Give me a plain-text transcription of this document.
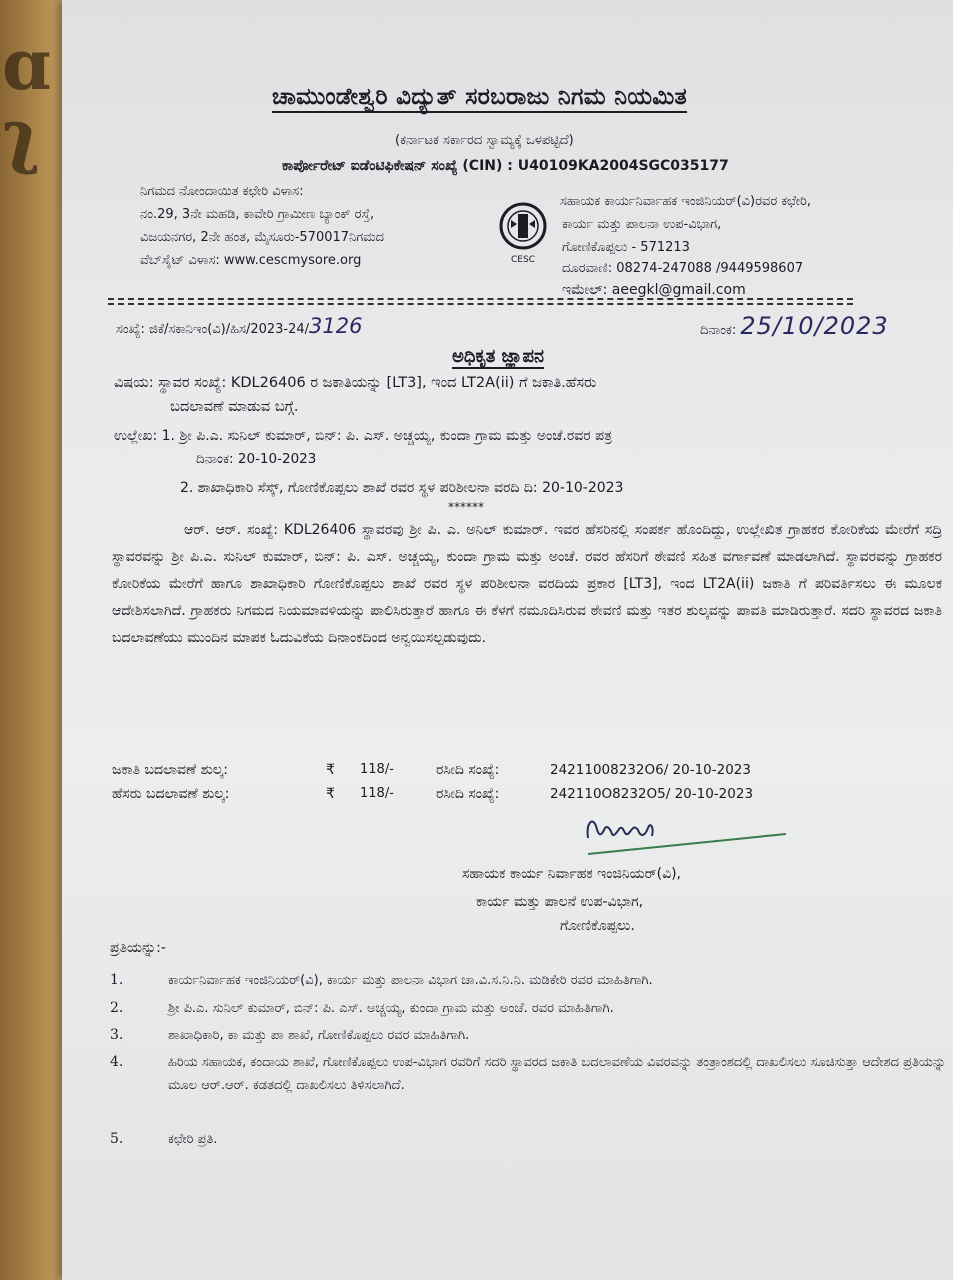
ɑ
ʅ	ಚಾಮುಂಡೇಶ್ವರಿ ವಿದ್ಯುತ್ ಸರಬರಾಜು ನಿಗಮ ನಿಯಮಿತ
(ಕರ್ನಾಟಕ ಸರ್ಕಾರದ ಸ್ವಾಮ್ಯಕ್ಕೆ ಒಳಪಟ್ಟಿದೆ)
ಕಾರ್ಪೋರೇಟ್ ಐಡೆಂಟಿಫಿಕೇಷನ್ ಸಂಖ್ಯೆ (CIN) : U40109KA2004SGC035177
ನಿಗಮದ ನೋಂದಾಯಿತ ಕಛೇರಿ ವಿಳಾಸ:
ನಂ.29, 3ನೇ ಮಹಡಿ, ಕಾವೇರಿ ಗ್ರಾಮೀಣ ಬ್ಯಾಂಕ್ ರಸ್ತೆ,
ವಿಜಯನಗರ, 2ನೇ ಹಂತ, ಮೈಸೂರು-570017ನಿಗಮದ
ವೆಬ್‌ಸೈಟ್ ವಿಳಾಸ: www.cescmysore.org	CESC
ಸಹಾಯಕ ಕಾರ್ಯನಿರ್ವಾಹಕ ಇಂಜಿನಿಯರ್(ವಿ)ರವರ ಕಛೇರಿ,
ಕಾರ್ಯ ಮತ್ತು ಪಾಲನಾ ಉಪ-ವಿಭಾಗ,
ಗೋಣಿಕೊಪ್ಪಲು - 571213
ದೂರವಾಣಿ: 08274-247088 /9449598607
ಇಮೇಲ್: aeegkl@gmail.com
ಸಂಖ್ಯೆ: ಜಿಕೆ/ಸಕಾನಿಇಂ(ವಿ)/ಹಿಸ/2023-24/3126	ದಿನಾಂಕ: 25/10/2023
ಅಧಿಕೃತ ಜ್ಞಾಪನ
ವಿಷಯ: ಸ್ಥಾವರ ಸಂಖ್ಯೆ: KDL26406 ರ ಜಕಾತಿಯನ್ನು [LT3], ಇಂದ LT2A(ii) ಗೆ ಜಕಾತಿ.ಹೆಸರು
ಬದಲಾವಣೆ ಮಾಡುವ ಬಗ್ಗೆ.
ಉಲ್ಲೇಖ: 1. ಶ್ರೀ ಪಿ.ಎ. ಸುನಿಲ್ ಕುಮಾರ್, ಬಿನ್: ಪಿ. ಎಸ್. ಅಚ್ಚಯ್ಯ, ಕುಂದಾ ಗ್ರಾಮ ಮತ್ತು ಅಂಚೆ.ರವರ ಪತ್ರ
ದಿನಾಂಕ: 20-10-2023
2. ಶಾಖಾಧಿಕಾರಿ ಸೆಸ್ಕ್, ಗೋಣಿಕೊಪ್ಪಲು ಶಾಖೆ ರವರ ಸ್ಥಳ ಪರಿಶೀಲನಾ ವರದಿ ದಿ: 20-10-2023
******
ಆರ್. ಆರ್. ಸಂಖ್ಯೆ: KDL26406 ಸ್ಥಾವರವು ಶ್ರೀ ಪಿ. ಎ. ಅನಿಲ್ ಕುಮಾರ್. ಇವರ ಹೆಸರಿನಲ್ಲಿ ಸಂಪರ್ಕ ಹೊಂದಿದ್ದು, ಉಲ್ಲೇಖಿತ ಗ್ರಾಹಕರ ಕೋರಿಕೆಯ ಮೇರೆಗೆ ಸದ್ರಿ ಸ್ಥಾವರವನ್ನು ಶ್ರೀ ಪಿ.ಎ. ಸುನಿಲ್ ಕುಮಾರ್, ಬಿನ್: ಪಿ. ಎಸ್. ಅಚ್ಚಯ್ಯ, ಕುಂದಾ ಗ್ರಾಮ ಮತ್ತು ಅಂಚೆ. ರವರ ಹೆಸರಿಗೆ ಠೇವಣಿ ಸಹಿತ ವರ್ಗಾವಣೆ ಮಾಡಲಾಗಿದೆ. ಸ್ಥಾವರವನ್ನು ಗ್ರಾಹಕರ ಕೋರಿಕೆಯ ಮೇರೆಗೆ ಹಾಗೂ ಶಾಖಾಧಿಕಾರಿ ಗೋಣಿಕೊಪ್ಪಲು ಶಾಖೆ ರವರ ಸ್ಥಳ ಪರಿಶೀಲನಾ ವರದಿಯ ಪ್ರಕಾರ [LT3], ಇಂದ LT2A(ii) ಜಕಾತಿ ಗೆ ಪರಿವರ್ತಿಸಲು ಈ ಮೂಲಕ ಆದೇಶಿಸಲಾಗಿದೆ. ಗ್ರಾಹಕರು ನಿಗಮದ ನಿಯಮಾವಳಿಯನ್ನು ಪಾಲಿಸಿರುತ್ತಾರೆ ಹಾಗೂ ಈ ಕೆಳಗೆ ನಮೂದಿಸಿರುವ ಠೇವಣಿ ಮತ್ತು ಇತರ ಶುಲ್ಕವನ್ನು ಪಾವತಿ ಮಾಡಿರುತ್ತಾರೆ. ಸದರಿ ಸ್ಥಾವರದ ಜಕಾತಿ ಬದಲಾವಣೆಯು ಮುಂದಿನ ಮಾಪಕ ಓದುವಿಕೆಯ ದಿನಾಂಕದಿಂದ ಅನ್ವಯಿಸಲ್ಪಡುವುದು.
ಜಕಾತಿ ಬದಲಾವಣೆ ಶುಲ್ಕ:	₹ 118/-	ರಸೀದಿ ಸಂಖ್ಯೆ:	24211008232O6/ 20-10-2023
ಹೆಸರು ಬದಲಾವಣೆ ಶುಲ್ಕ:	₹ 118/-	ರಸೀದಿ ಸಂಖ್ಯೆ:	242110O8232O5/ 20-10-2023
ಸಹಾಯಕ ಕಾರ್ಯ ನಿರ್ವಾಹಕ ಇಂಜಿನಿಯರ್(ವಿ),
ಕಾರ್ಯ ಮತ್ತು ಪಾಲನೆ ಉಪ-ವಿಭಾಗ,
ಗೋಣಿಕೊಪ್ಪಲು.
ಪ್ರತಿಯನ್ನು:-
1.	ಕಾರ್ಯನಿರ್ವಾಹಕ ಇಂಜಿನಿಯರ್(ವಿ), ಕಾರ್ಯ ಮತ್ತು ಪಾಲನಾ ವಿಭಾಗ ಚಾ.ವಿ.ಸ.ನಿ.ನಿ. ಮಡಿಕೇರಿ ರವರ ಮಾಹಿತಿಗಾಗಿ.
2.	ಶ್ರೀ ಪಿ.ಎ. ಸುನಿಲ್ ಕುಮಾರ್, ಬಿನ್: ಪಿ. ಎಸ್. ಅಚ್ಚಯ್ಯ, ಕುಂದಾ ಗ್ರಾಮ ಮತ್ತು ಅಂಚೆ. ರವರ ಮಾಹಿತಿಗಾಗಿ.
3.	ಶಾಖಾಧಿಕಾರಿ, ಕಾ ಮತ್ತು ಪಾ ಶಾಖೆ, ಗೋಣಿಕೊಪ್ಪಲು ರವರ ಮಾಹಿತಿಗಾಗಿ.
4.	ಹಿರಿಯ ಸಹಾಯಕ, ಕಂದಾಯ ಶಾಖೆ, ಗೋಣಿಕೊಪ್ಪಲು ಉಪ-ವಿಭಾಗ ರವರಿಗೆ ಸದರಿ ಸ್ಥಾವರದ ಜಕಾತಿ ಬದಲಾವಣೆಯ ವಿವರವನ್ನು ತಂತ್ರಾಂಶದಲ್ಲಿ ದಾಖಲಿಸಲು ಸೂಚಿಸುತ್ತಾ ಆದೇಶದ ಪ್ರತಿಯನ್ನು ಮೂಲ ಆರ್.ಆರ್. ಕಡತದಲ್ಲಿ ದಾಖಲಿಸಲು ತಿಳಿಸಲಾಗಿದೆ.
5.	ಕಛೇರಿ ಪ್ರತಿ.
